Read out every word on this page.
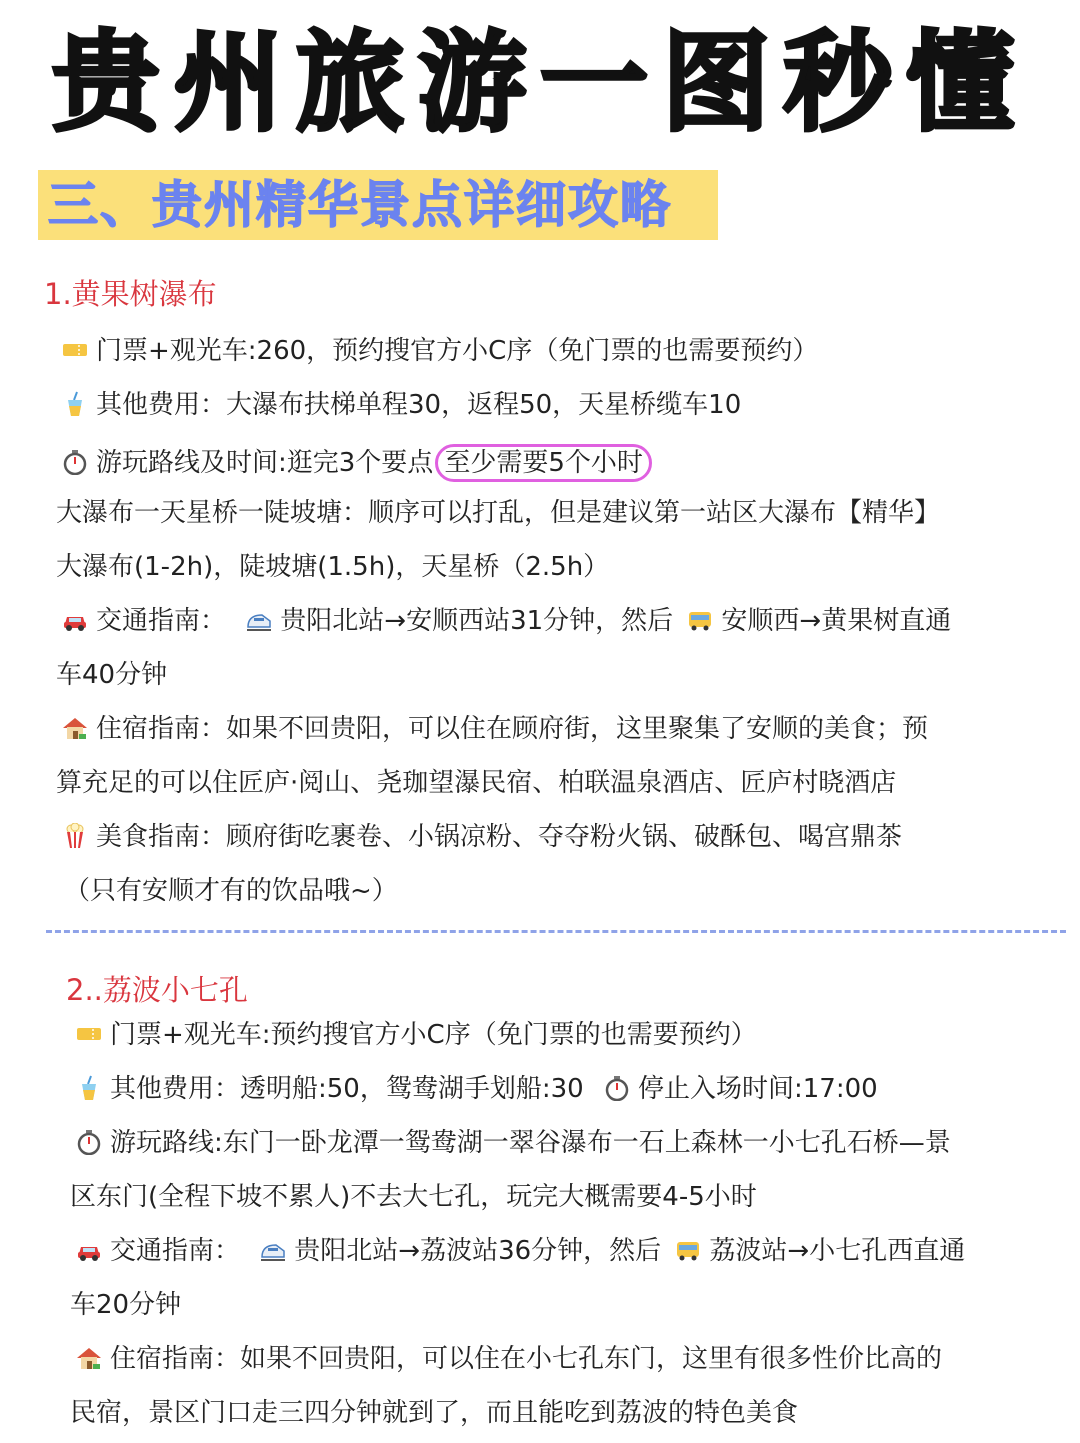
贵州旅游一图秒懂
三、贵州精华景点详细攻略
1.黄果树瀑布
门票+观光车:260，预约搜官方小C序（免门票的也需要预约）
其他费用：大瀑布扶梯单程30，返程50，天星桥缆车10
游玩路线及时间:逛完3个要点 至少需要5个小时
大瀑布一天星桥一陡坡塘：顺序可以打乱，但是建议第一站区大瀑布【精华】
大瀑布(1-2h)，陡坡塘(1.5h)，天星桥（2.5h）
交通指南： 贵阳北站→安顺西站31分钟，然后 安顺西→黄果树直通
车40分钟
住宿指南：如果不回贵阳，可以住在顾府街，这里聚集了安顺的美食；预
算充足的可以住匠庐·阅山、尧珈望瀑民宿、柏联温泉酒店、匠庐村晓酒店
美食指南：顾府街吃裹卷、小锅凉粉、夺夺粉火锅、破酥包、喝宫鼎茶
（只有安顺才有的饮品哦~）
2..荔波小七孔
门票+观光车:预约搜官方小C序（免门票的也需要预约）
其他费用：透明船:50，鸳鸯湖手划船:30 停止入场时间:17:00
游玩路线:东门一卧龙潭一鸳鸯湖一翠谷瀑布一石上森林一小七孔石桥—景
区东门(全程下坡不累人)不去大七孔，玩完大概需要4-5小时
交通指南： 贵阳北站→荔波站36分钟，然后 荔波站→小七孔西直通
车20分钟
住宿指南：如果不回贵阳，可以住在小七孔东门，这里有很多性价比高的
民宿，景区门口走三四分钟就到了，而且能吃到荔波的特色美食
